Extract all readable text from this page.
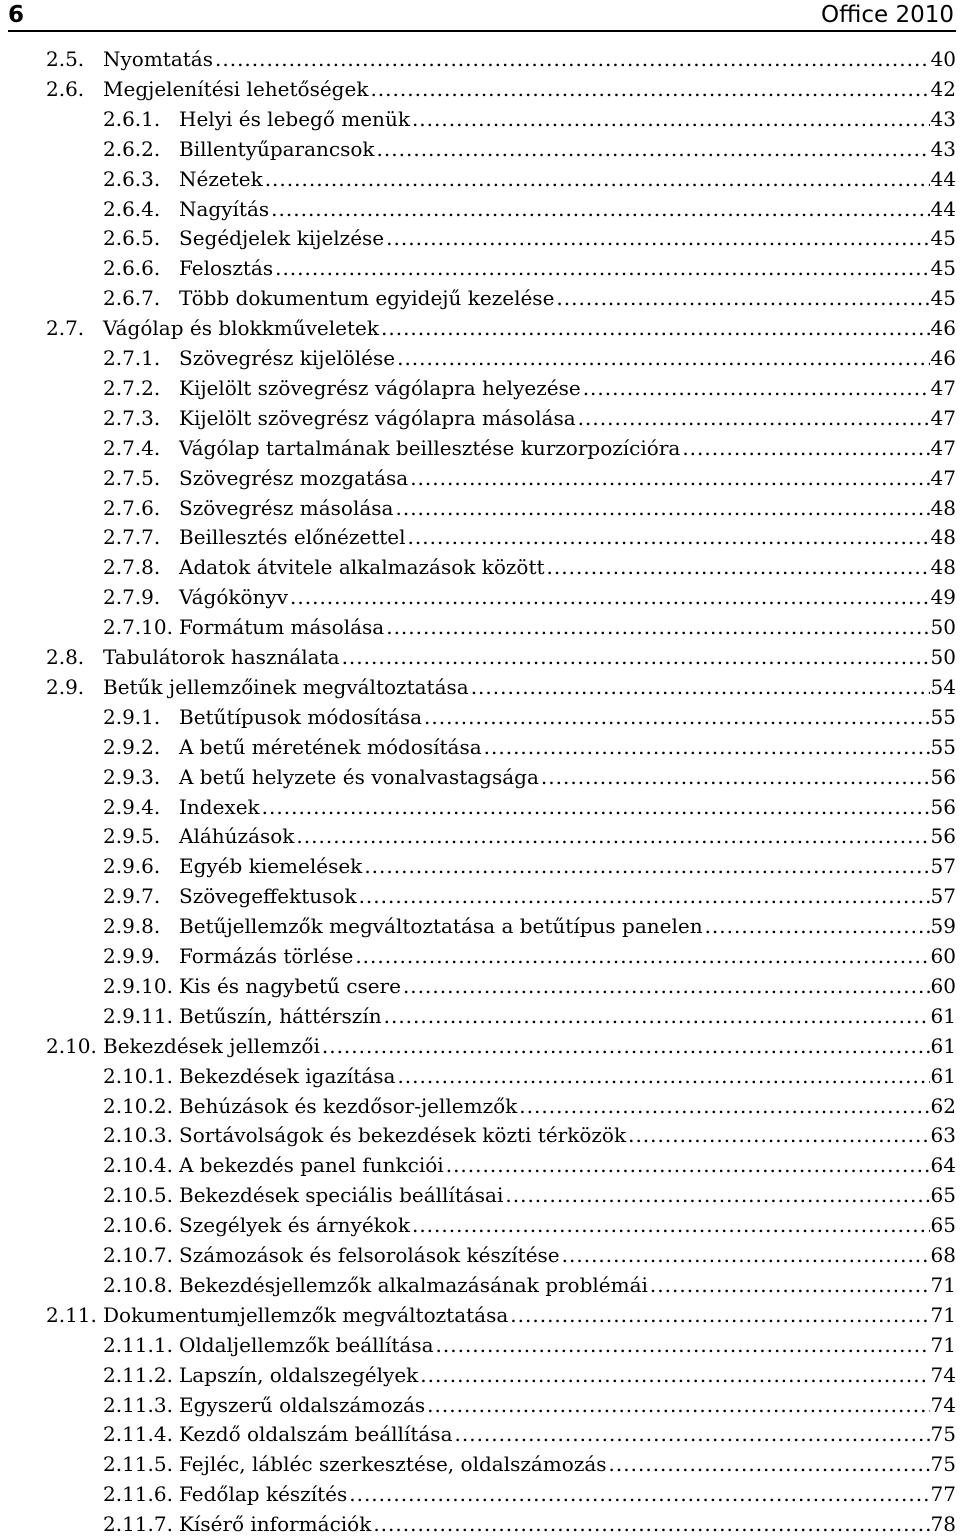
6	Office 2010
2.5. Nyomtatás .....	40
2.6. Megjelenítési lehetőségek .....	42
2.6.1. Helyi és lebegő menük .....	43
2.6.2. Billentyűparancsok .....	43
2.6.3. Nézetek .....	44
2.6.4. Nagyítás .....	44
2.6.5. Segédjelek kijelzése .....	45
2.6.6. Felosztás .....	45
2.6.7. Több dokumentum egyidejű kezelése .....	45
2.7. Vágólap és blokkműveletek .....	46
2.7.1. Szövegrész kijelölése .....	46
2.7.2. Kijelölt szövegrész vágólapra helyezése .....	47
2.7.3. Kijelölt szövegrész vágólapra másolása .....	47
2.7.4. Vágólap tartalmának beillesztése kurzorpozícióra .....	47
2.7.5. Szövegrész mozgatása .....	47
2.7.6. Szövegrész másolása .....	48
2.7.7. Beillesztés előnézettel .....	48
2.7.8. Adatok átvitele alkalmazások között .....	48
2.7.9. Vágókönyv .....	49
2.7.10. Formátum másolása .....	50
2.8. Tabulátorok használata .....	50
2.9. Betűk jellemzőinek megváltoztatása .....	54
2.9.1. Betűtípusok módosítása .....	55
2.9.2. A betű méretének módosítása .....	55
2.9.3. A betű helyzete és vonalvastagsága .....	56
2.9.4. Indexek .....	56
2.9.5. Aláhúzások .....	56
2.9.6. Egyéb kiemelések .....	57
2.9.7. Szövegeffektusok .....	57
2.9.8. Betűjellemzők megváltoztatása a betűtípus panelen .....	59
2.9.9. Formázás törlése .....	60
2.9.10. Kis és nagybetű csere .....	60
2.9.11. Betűszín, háttérszín .....	61
2.10. Bekezdések jellemzői .....	61
2.10.1. Bekezdések igazítása .....	61
2.10.2. Behúzások és kezdősor-jellemzők .....	62
2.10.3. Sortávolságok és bekezdések közti térközök .....	63
2.10.4. A bekezdés panel funkciói .....	64
2.10.5. Bekezdések speciális beállításai .....	65
2.10.6. Szegélyek és árnyékok .....	65
2.10.7. Számozások és felsorolások készítése .....	68
2.10.8. Bekezdésjellemzők alkalmazásának problémái .....	71
2.11. Dokumentumjellemzők megváltoztatása .....	71
2.11.1. Oldaljellemzők beállítása .....	71
2.11.2. Lapszín, oldalszegélyek .....	74
2.11.3. Egyszerű oldalszámozás .....	74
2.11.4. Kezdő oldalszám beállítása .....	75
2.11.5. Fejléc, lábléc szerkesztése, oldalszámozás .....	75
2.11.6. Fedőlap készítés .....	77
2.11.7. Kísérő információk .....	78
